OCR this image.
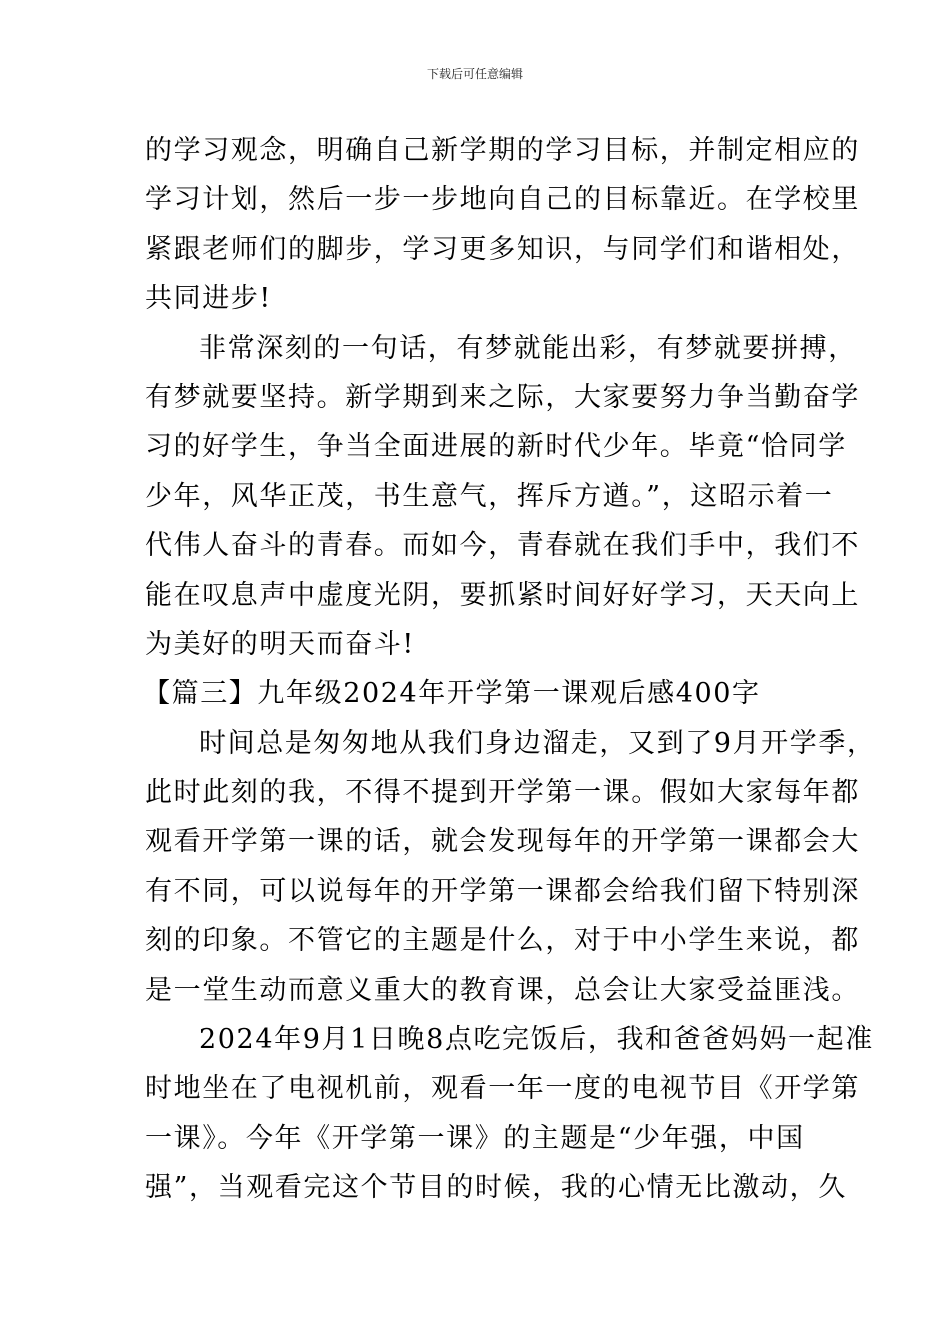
下载后可任意编辑
的学习观念，明确自己新学期的学习目标，并制定相应的
学习计划，然后一步一步地向自己的目标靠近。在学校里
紧跟老师们的脚步，学习更多知识，与同学们和谐相处，
共同进步!
非常深刻的一句话，有梦就能出彩，有梦就要拼搏，
有梦就要坚持。新学期到来之际，大家要努力争当勤奋学
习的好学生，争当全面进展的新时代少年。毕竟“恰同学
少年，风华正茂，书生意气，挥斥方遒。”，这昭示着一
代伟人奋斗的青春。而如今，青春就在我们手中，我们不
能在叹息声中虚度光阴，要抓紧时间好好学习，天天向上
为美好的明天而奋斗!
【篇三】九年级2024年开学第一课观后感400字
时间总是匆匆地从我们身边溜走，又到了9月开学季，
此时此刻的我，不得不提到开学第一课。假如大家每年都
观看开学第一课的话，就会发现每年的开学第一课都会大
有不同，可以说每年的开学第一课都会给我们留下特别深
刻的印象。不管它的主题是什么，对于中小学生来说，都
是一堂生动而意义重大的教育课，总会让大家受益匪浅。
2024年9月1日晚8点吃完饭后，我和爸爸妈妈一起准
时地坐在了电视机前，观看一年一度的电视节目《开学第
一课》。今年《开学第一课》的主题是“少年强，中国
强”，当观看完这个节目的时候，我的心情无比激动，久
